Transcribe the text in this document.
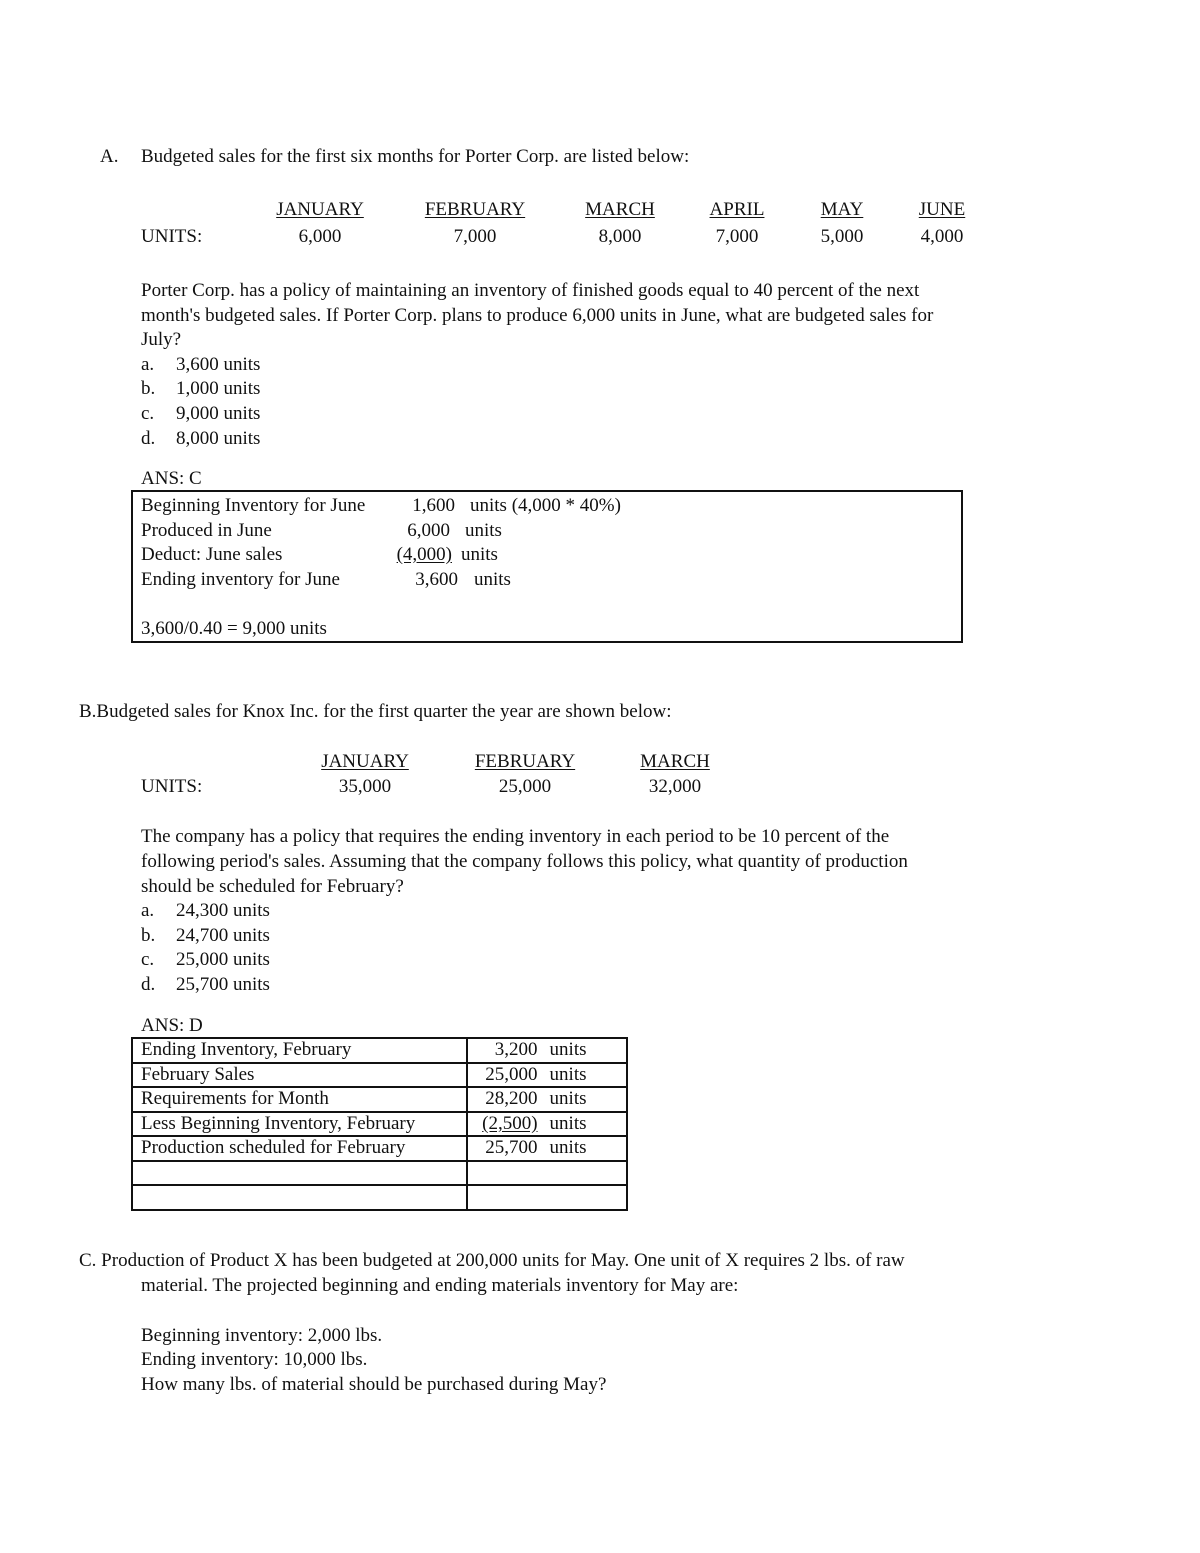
A. Budgeted sales for the first six months for Porter Corp. are listed below:
JANUARY	FEBRUARY	MARCH	APRIL	MAY	JUNE
UNITS:	6,000	7,000	8,000	7,000	5,000	4,000
Porter Corp. has a policy of maintaining an inventory of finished goods equal to 40 percent of the next
month's budgeted sales. If Porter Corp. plans to produce 6,000 units in June, what are budgeted sales for
July?
a. 3,600 units
b. 1,000 units
c. 9,000 units
d. 8,000 units
ANS: C
Beginning Inventory for June	1,600 units (4,000 * 40%)
Produced in June	6,000 units
Deduct: June sales	(4,000) units
Ending inventory for June	3,600 units
3,600/0.40 = 9,000 units
B.Budgeted sales for Knox Inc. for the first quarter the year are shown below:
JANUARY	FEBRUARY	MARCH
UNITS:	35,000	25,000	32,000
The company has a policy that requires the ending inventory in each period to be 10 percent of the
following period's sales. Assuming that the company follows this policy, what quantity of production
should be scheduled for February?
a. 24,300 units
b. 24,700 units
c. 25,000 units
d. 25,700 units
ANS: D
Ending Inventory, February	3,200 units
February Sales	25,000 units
Requirements for Month	28,200 units
Less Beginning Inventory, February	(2,500) units
Production scheduled for February	25,700 units

C. Production of Product X has been budgeted at 200,000 units for May. One unit of X requires 2 lbs. of raw
material. The projected beginning and ending materials inventory for May are:
Beginning inventory: 2,000 lbs.
Ending inventory: 10,000 lbs.
How many lbs. of material should be purchased during May?
